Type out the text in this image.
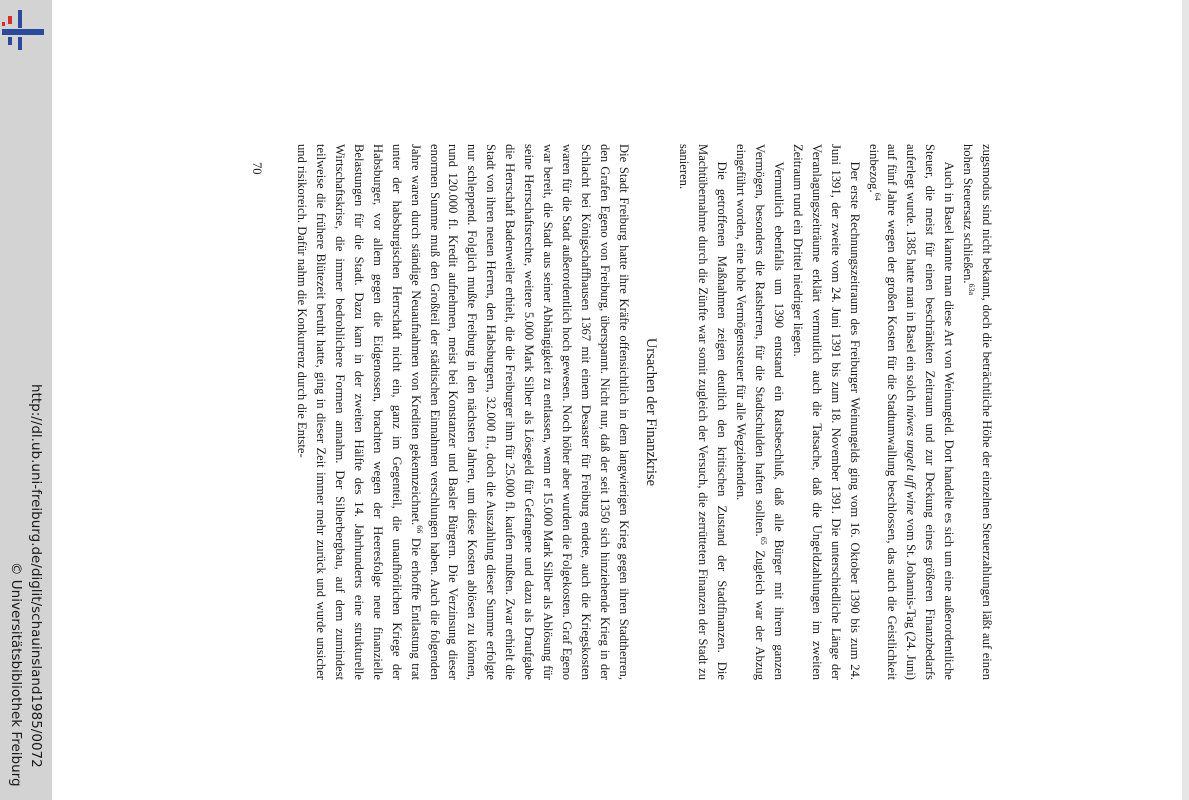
http://dl.ub.uni-freiburg.de/diglit/schauinsland1985/0072
© Universitätsbibliothek Freiburg	zugsmodus sind nicht bekannt, doch die beträchtliche Höhe der einzelnen Steuerzahlungen läßt auf einen hohen Steuersatz schließen.$^{63a}$

Auch in Basel kannte man diese Art von Weinungeld. Dort handelte es sich um eine außerordentliche Steuer, die meist für einen beschränkten Zeitraum und zur Deckung eines größeren Finanzbedarfs auferlegt wurde. 1385 hatte man in Basel ein solch núwes ungelt uff wine vom St. Johannis-Tag (24. Juni) auf fünf Jahre wegen der großen Kosten für die Stadtumwallung beschlossen, das auch die Geistlichkeit einbezog.$^{64}$

Der erste Rechnungszeitraum des Freiburger Weinungelds ging vom 16. Oktober 1390 bis zum 24. Juni 1391, der zweite vom 24. Juni 1391 bis zum 18. November 1391. Die unterschiedliche Länge der Veranlagungszeiträume erklärt vermutlich auch die Tatsache, daß die Ungeldzahlungen im zweiten Zeitraum rund ein Drittel niedriger liegen.

Vermutlich ebenfalls um 1390 entstand ein Ratsbeschluß, daß alle Bürger mit ihrem ganzen Vermögen, besonders die Ratsherren, für die Stadtschulden haften sollten.$^{65}$ Zugleich war der Abzug eingeführt worden, eine hohe Vermögenssteuer für alle Wegziehenden.

Die getroffenen Maßnahmen zeigen deutlich den kritischen Zustand der Stadtfinanzen. Die Machtübernahme durch die Zünfte war somit zugleich der Versuch, die zerrütteten Finanzen der Stadt zu sanieren.

Ursachen der Finanzkrise

Die Stadt Freiburg hatte ihre Kräfte offensichtlich in dem langwierigen Krieg gegen ihren Stadtherren, den Grafen Egeno von Freiburg, überspannt. Nicht nur, daß der seit 1350 sich hinziehende Krieg in der Schlacht bei Königschaffhausen 1367 mit einem Desaster für Freiburg endete, auch die Kriegskosten waren für die Stadt außerordentlich hoch gewesen. Noch höher aber wurden die Folgekosten. Graf Egeno war bereit, die Stadt aus seiner Abhängigkeit zu entlassen, wenn er 15.000 Mark Silber als Ablösung für seine Herrschaftsrechte, weitere 5.000 Mark Silber als Lösegeld für Gefangene und dazu als Draufgabe die Herrschaft Badenweiler erhielt, die die Freiburger ihm für 25.000 fl. kaufen mußten. Zwar erhielt die Stadt von ihren neuen Herren, den Habsburgern, 32.000 fl., doch die Auszahlung dieser Summe erfolgte nur schleppend. Folglich mußte Freiburg in den nächsten Jahren, um diese Kosten ablösen zu können, rund 120.000 fl. Kredit aufnehmen, meist bei Konstanzer und Basler Bürgern. Die Verzinsung dieser enormen Summe muß den Großteil der städtischen Einnahmen verschlungen haben. Auch die folgenden Jahre waren durch ständige Neuaufnahmen von Krediten gekennzeichnet.$^{66}$ Die erhoffte Entlastung trat unter der habsburgischen Herrschaft nicht ein, ganz im Gegenteil, die unaufhörlichen Kriege der Habsburger, vor allem gegen die Eidgenossen, brachten wegen der Heeresfolge neue finanzielle Belastungen für die Stadt. Dazu kam in der zweiten Hälfte des 14. Jahrhunderts eine strukturelle Wirtschaftskrise, die immer bedrohlichere Formen annahm. Der Silberbergbau, auf dem zumindest teilweise die frühere Blütezeit beruht hatte, ging in dieser Zeit immer mehr zurück und wurde unsicher und risikoreich. Dafür nahm die Konkurrenz durch die Entste-

70
